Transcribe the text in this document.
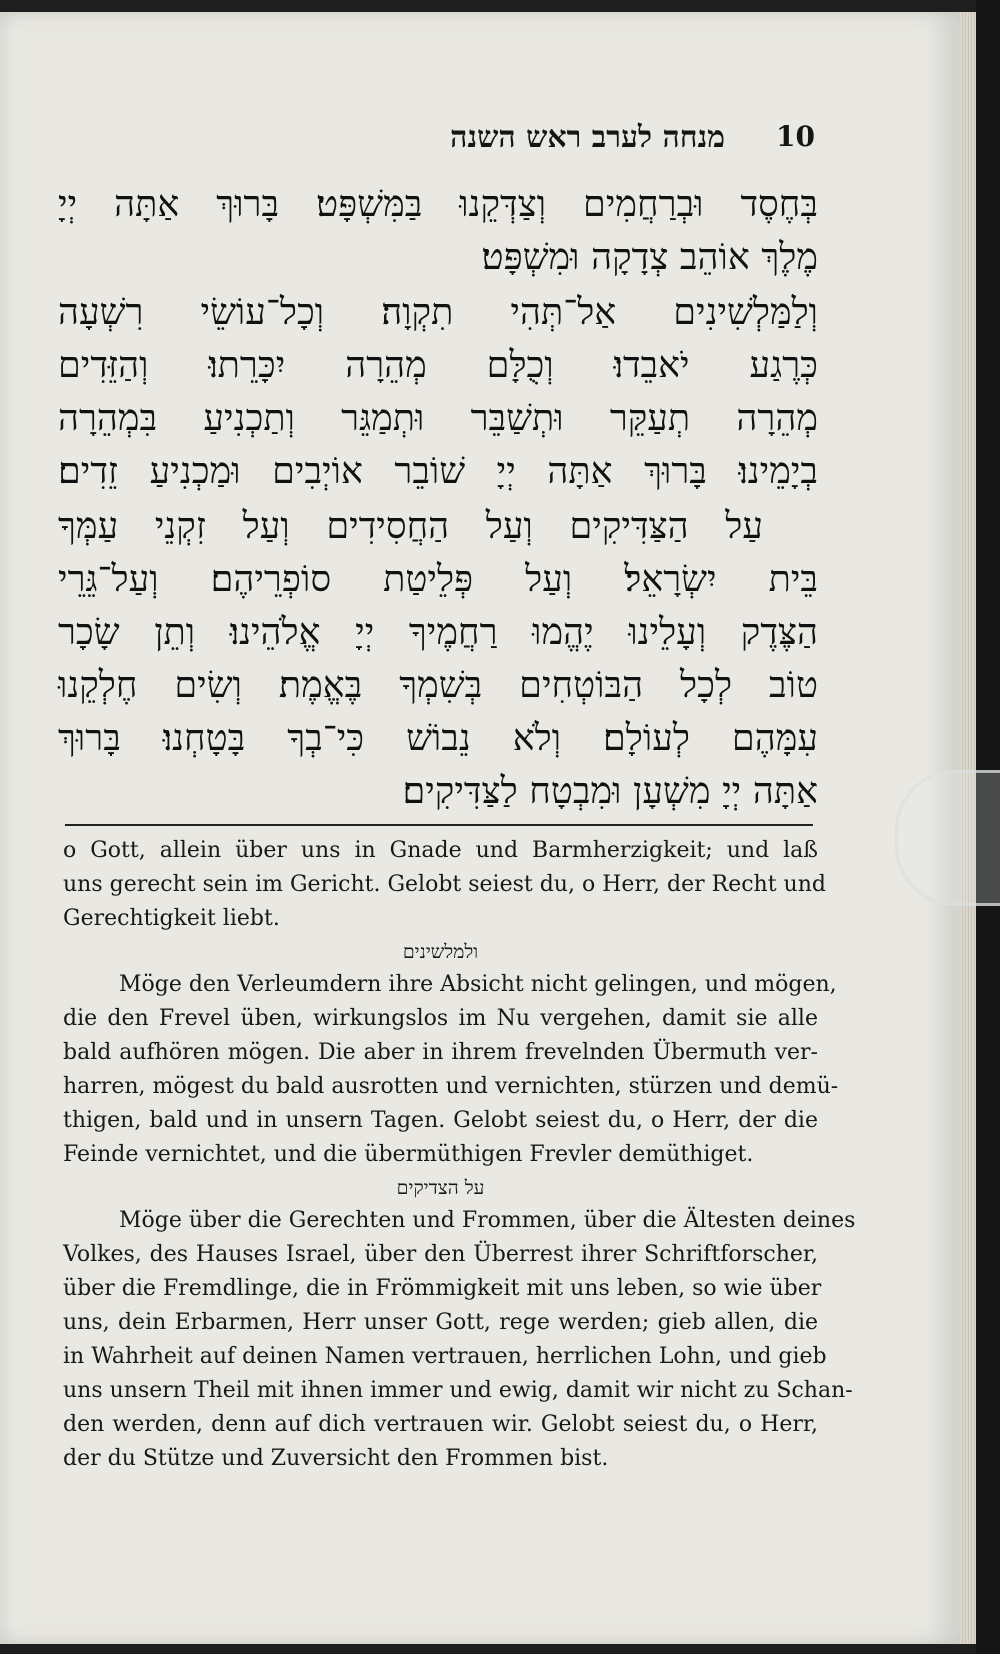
מנחה לערב ראש השנה 10
בְּחֶסֶד וּבְרַחֲמִים וְצַדְּקֵנוּ בַּמִּשְׁפָּט׃ בָּרוּךְ אַתָּה יְיָ
מֶלֶךְ אוֹהֵב צְדָקָה וּמִשְׁפָּט׃
וְלַמַּלְשִׁינִים אַל־תְּהִי תִקְוָה׃ וְכָל־עוֹשֵׂי רִשְׁעָה
כְּרֶגַע יֹאבֵדוּ׃ וְכֻלָּם מְהֵרָה יִכָּרֵתוּ׃ וְהַזֵּדִים
מְהֵרָה תְעַקֵּר וּתְשַׁבֵּר וּתְמַגֵּר וְתַכְנִיעַ בִּמְהֵרָה
בְיָמֵינוּ׃ בָּרוּךְ אַתָּה יְיָ שׁוֹבֵר אוֹיְבִים וּמַכְנִיעַ זֵדִים׃
עַל הַצַּדִּיקִים וְעַל הַחֲסִידִים וְעַל זִקְנֵי עַמְּךָ
בֵּית יִשְׂרָאֵל׃ וְעַל פְּלֵיטַת סוֹפְרֵיהֶם׃ וְעַל־גֵּרֵי
הַצֶּדֶק וְעָלֵינוּ יֶהֱמוּ רַחֲמֶיךָ יְיָ אֱלֹהֵינוּ׃ וְתֵן שָׂכָר
טוֹב לְכָל הַבּוֹטְחִים בְּשִׁמְךָ בֶּאֱמֶת׃ וְשִׂים חֶלְקֵנוּ
עִמָּהֶם לְעוֹלָם׃ וְלֹא נֵבוֹשׁ כִּי־בְךָ בָּטָחְנוּ׃ בָּרוּךְ
אַתָּה יְיָ מִשְׁעָן וּמִבְטָח לַצַּדִּיקִים׃
o Gott, allein über uns in Gnade und Barmherzigkeit; und laß
uns gerecht sein im Gericht. Gelobt seiest du, o Herr, der Recht und
Gerechtigkeit liebt.
ולמלשינים
Möge den Verleumdern ihre Absicht nicht gelingen, und mögen,
die den Frevel üben, wirkungslos im Nu vergehen, damit sie alle
bald aufhören mögen. Die aber in ihrem frevelnden Übermuth ver-
harren, mögest du bald ausrotten und vernichten, stürzen und demü-
thigen, bald und in unsern Tagen. Gelobt seiest du, o Herr, der die
Feinde vernichtet, und die übermüthigen Frevler demüthiget.
על הצדיקים
Möge über die Gerechten und Frommen, über die Ältesten deines
Volkes, des Hauses Israel, über den Überrest ihrer Schriftforscher,
über die Fremdlinge, die in Frömmigkeit mit uns leben, so wie über
uns, dein Erbarmen, Herr unser Gott, rege werden; gieb allen, die
in Wahrheit auf deinen Namen vertrauen, herrlichen Lohn, und gieb
uns unsern Theil mit ihnen immer und ewig, damit wir nicht zu Schan-
den werden, denn auf dich vertrauen wir. Gelobt seiest du, o Herr,
der du Stütze und Zuversicht den Frommen bist.
